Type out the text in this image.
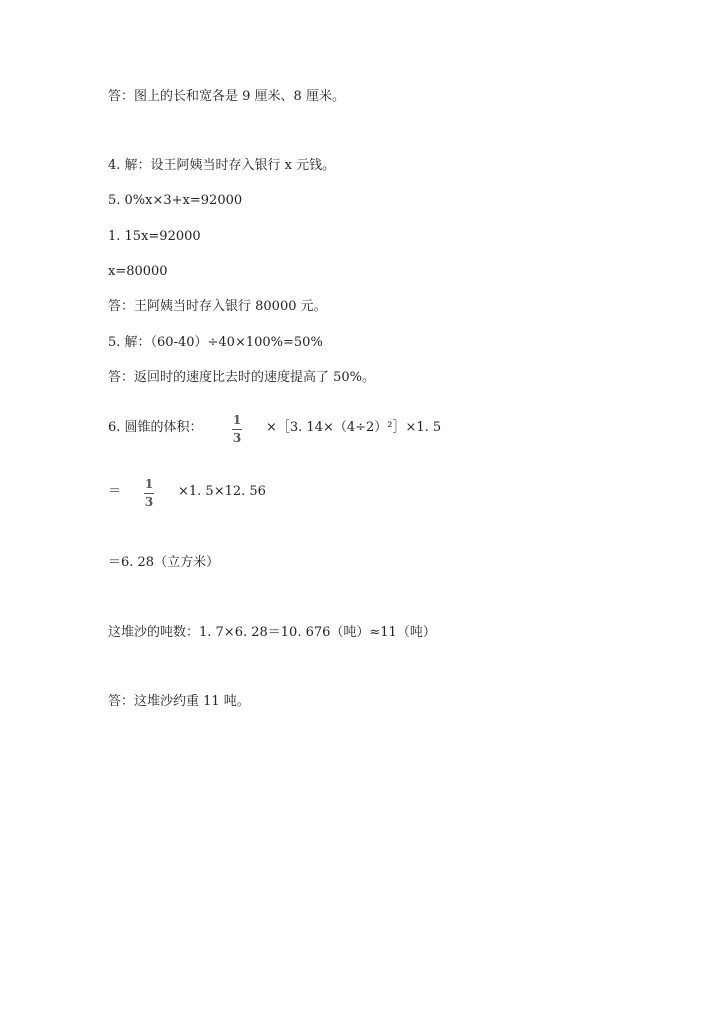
答：图上的长和宽各是 9 厘米、8 厘米。
4. 解：设王阿姨当时存入银行 x 元钱。
5. 0%x×3+x=92000
1. 15x=92000
x=80000
答：王阿姨当时存入银行 80000 元。
5. 解：（60-40）÷40×100%=50%
答：返回时的速度比去时的速度提高了 50%。
6. 圆锥的体积：	1
3
×［3. 14×（4÷2）²］×1. 5
＝ 1
3
×1. 5×12. 56
＝6. 28（立方米）
这堆沙的吨数：1. 7×6. 28＝10. 676（吨）≈11（吨）
答：这堆沙约重 11 吨。
